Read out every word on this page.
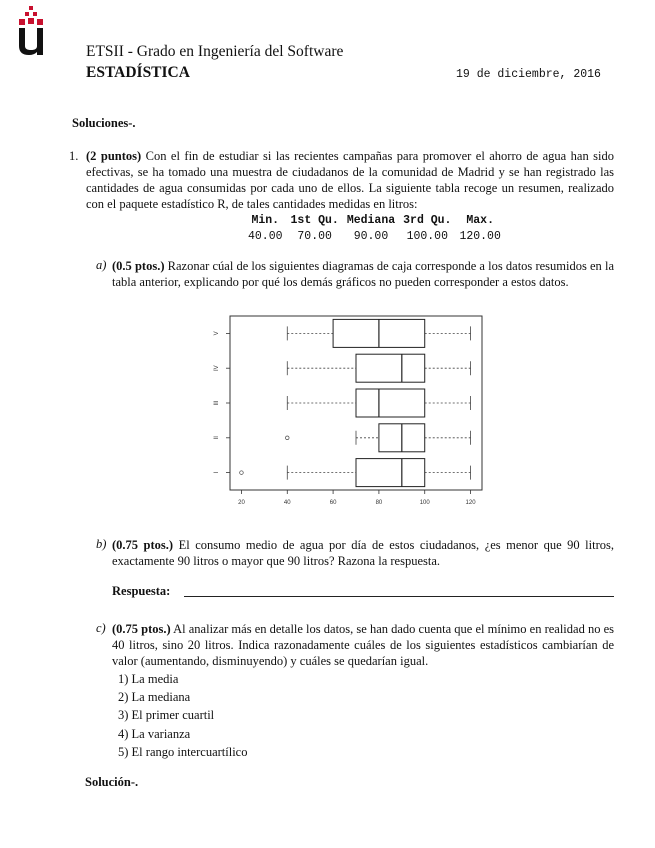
ETSII - Grado en Ingeniería del Software
ESTADÍSTICA	19 de diciembre, 2016
Soluciones-.
1. (2 puntos) Con el fin de estudiar si las recientes campañas para promover el ahorro de agua han sido efectivas, se ha tomado una muestra de ciudadanos de la comunidad de Madrid y se han registrado las cantidades de agua consumidas por cada uno de ellos. La siguiente tabla recoge un resumen, realizado con el paquete estadístico R, de tales cantidades medidas en litros:

Min.	1st Qu.	Mediana	3rd Qu.	Max.
40.00	70.00	90.00	100.00	120.00
a) (0.5 ptos.) Razonar cúal de los siguientes diagramas de caja corresponde a los datos resumidos en la tabla anterior, explicando por qué los demás gráficos no pueden corresponder a estos datos.

I
II
III
IV
V
20	40	60	80	100	120
b) (0.75 ptos.) El consumo medio de agua por día de estos ciudadanos, ¿es menor que 90 litros, exactamente 90 litros o mayor que 90 litros? Razona la respuesta.

Respuesta:
c) (0.75 ptos.) Al analizar más en detalle los datos, se han dado cuenta que el mínimo en realidad no es 40 litros, sino 20 litros. Indica razonadamente cuáles de los siguientes estadísticos cambiarían de valor (aumentando, disminuyendo) y cuáles se quedarían igual.

1) La media
2) La mediana
3) El primer cuartil
4) La varianza
5) El rango intercuartílico
Solución-.
